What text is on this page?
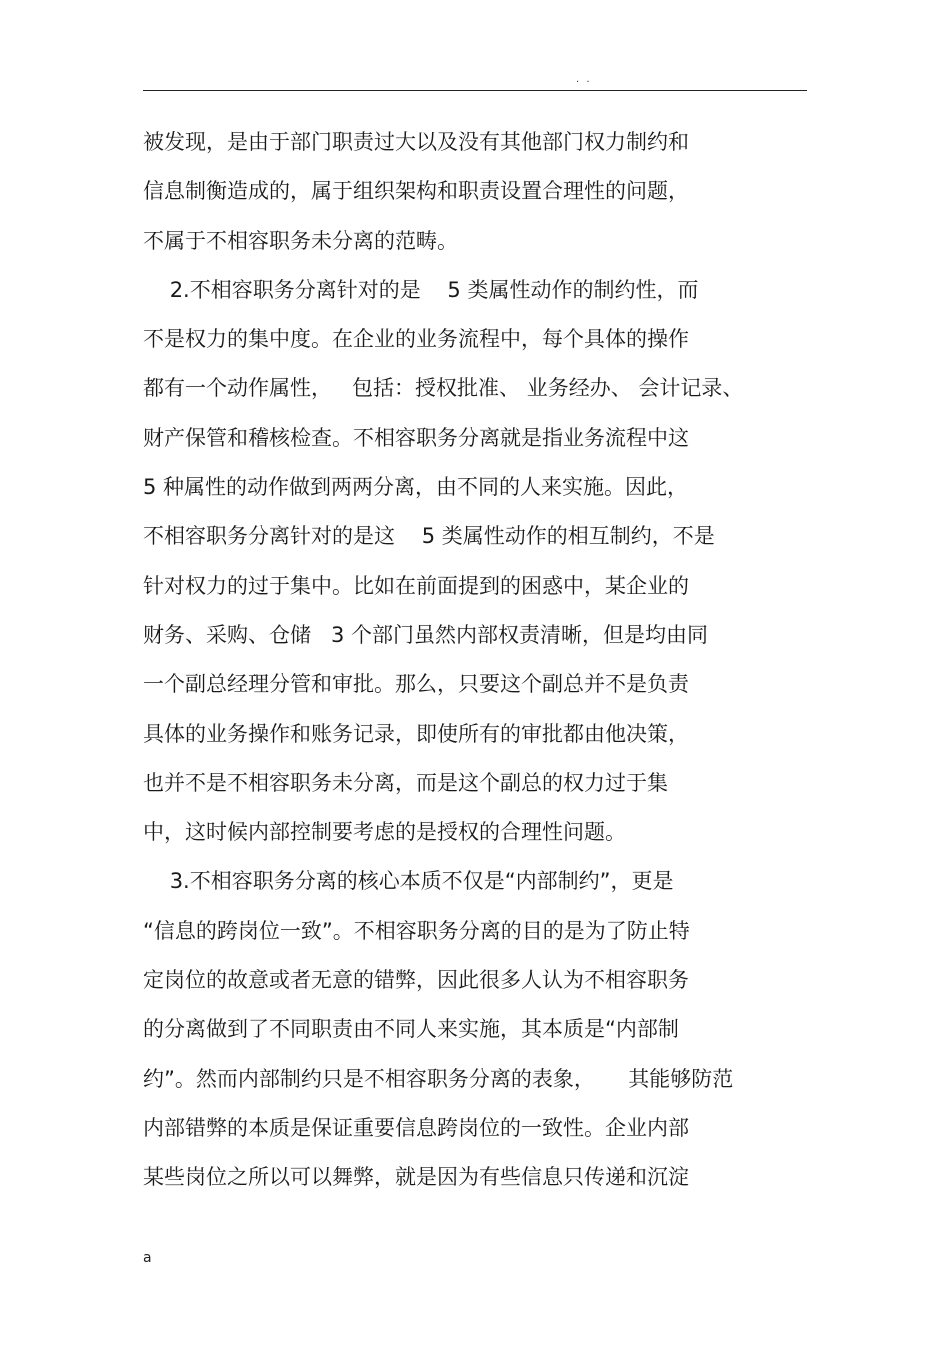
. .
被发现，是由于部门职责过大以及没有其他部门权力制约和
信息制衡造成的，属于组织架构和职责设置合理性的问题，
不属于不相容职务未分离的范畴。
2.不相容职务分离针对的是    5 类属性动作的制约性，而
不是权力的集中度。在企业的业务流程中，每个具体的操作
都有一个动作属性，   包括：授权批准、 业务经办、 会计记录、
财产保管和稽核检查。不相容职务分离就是指业务流程中这
5 种属性的动作做到两两分离，由不同的人来实施。因此，
不相容职务分离针对的是这    5 类属性动作的相互制约，不是
针对权力的过于集中。比如在前面提到的困惑中，某企业的
财务、采购、仓储   3 个部门虽然内部权责清晰，但是均由同
一个副总经理分管和审批。那么，只要这个副总并不是负责
具体的业务操作和账务记录，即使所有的审批都由他决策，
也并不是不相容职务未分离，而是这个副总的权力过于集
中，这时候内部控制要考虑的是授权的合理性问题。
3.不相容职务分离的核心本质不仅是“内部制约”，更是
“信息的跨岗位一致”。不相容职务分离的目的是为了防止特
定岗位的故意或者无意的错弊，因此很多人认为不相容职务
的分离做到了不同职责由不同人来实施，其本质是“内部制
约”。然而内部制约只是不相容职务分离的表象，     其能够防范
内部错弊的本质是保证重要信息跨岗位的一致性。企业内部
某些岗位之所以可以舞弊，就是因为有些信息只传递和沉淀
a
